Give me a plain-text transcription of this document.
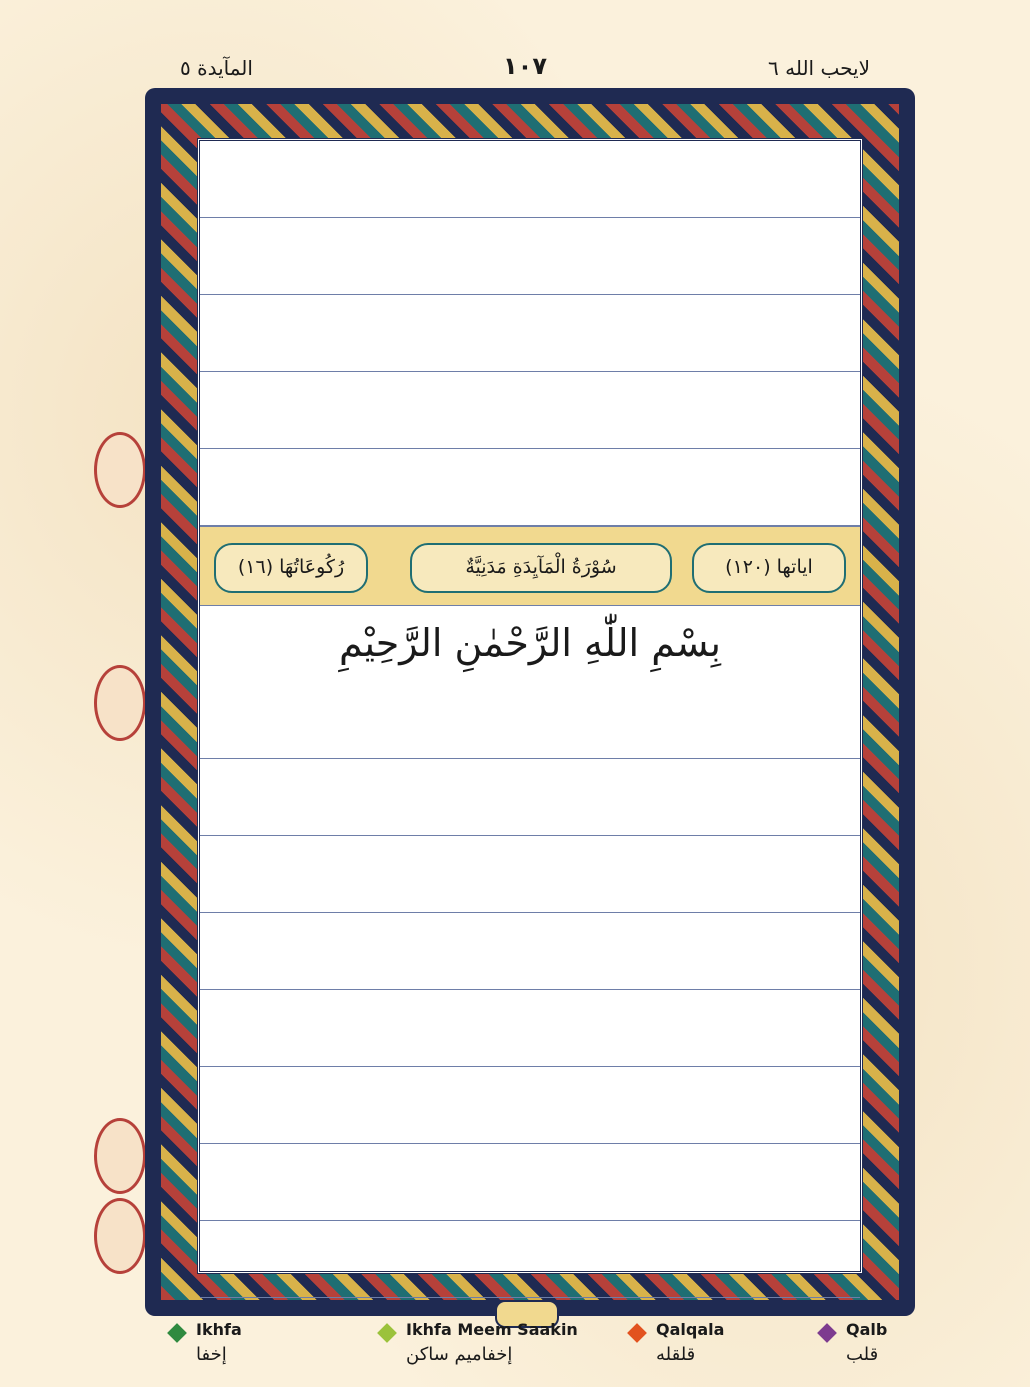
المآيدة ٥	١٠٧	لايحب الله ٦
اياتها (١٢٠)
سُوْرَةُ الْمَآيِدَةِ مَدَنِيَّةٌ
رُكُوعَاتُهَا (١٦)
بِسْمِ اللّٰهِ الرَّحْمٰنِ الرَّحِيْمِ
Ikhfa
إخفا
Ikhfa Meem Saakin
إخفاميم ساكن
Qalqala
قلقله
Qalb
قلب
